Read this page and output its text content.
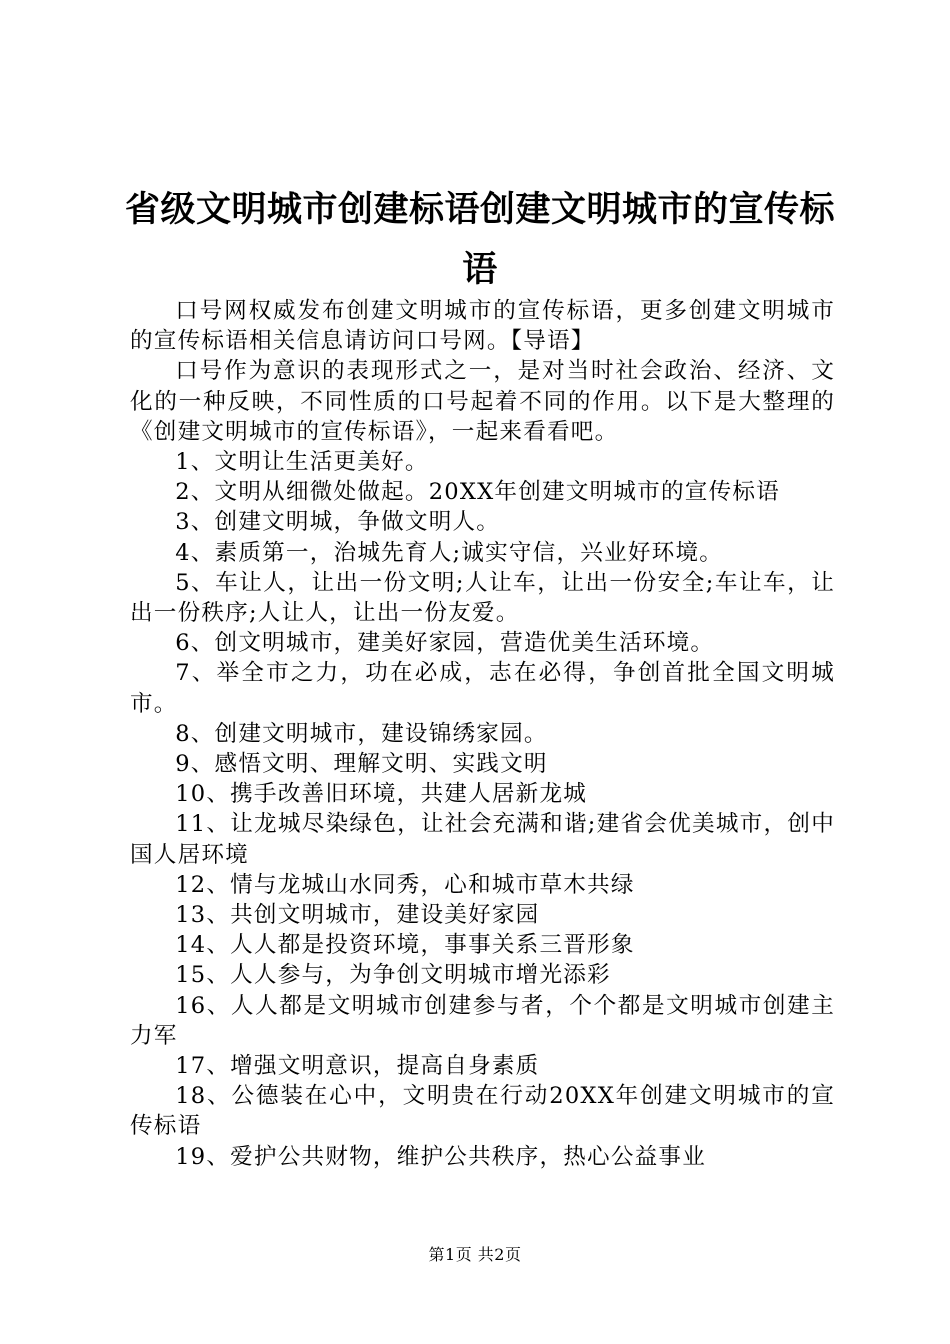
省级文明城市创建标语创建文明城市的宣传标语

口号网权威发布创建文明城市的宣传标语，更多创建文明城市的宣传标语相关信息请访问口号网。【导语】

口号作为意识的表现形式之一，是对当时社会政治、经济、文化的一种反映，不同性质的口号起着不同的作用。以下是大整理的《创建文明城市的宣传标语》，一起来看看吧。

1、文明让生活更美好。

2、文明从细微处做起。20XX年创建文明城市的宣传标语

3、创建文明城，争做文明人。

4、素质第一，治城先育人;诚实守信，兴业好环境。

5、车让人，让出一份文明;人让车，让出一份安全;车让车，让出一份秩序;人让人，让出一份友爱。

6、创文明城市，建美好家园，营造优美生活环境。

7、举全市之力，功在必成，志在必得，争创首批全国文明城市。

8、创建文明城市，建设锦绣家园。

9、感悟文明、理解文明、实践文明

10、携手改善旧环境，共建人居新龙城

11、让龙城尽染绿色，让社会充满和谐;建省会优美城市，创中国人居环境

12、情与龙城山水同秀，心和城市草木共绿

13、共创文明城市，建设美好家园

14、人人都是投资环境，事事关系三晋形象

15、人人参与，为争创文明城市增光添彩

16、人人都是文明城市创建参与者，个个都是文明城市创建主力军

17、增强文明意识，提高自身素质

18、公德装在心中，文明贵在行动20XX年创建文明城市的宣传标语

19、爱护公共财物，维护公共秩序，热心公益事业

第1页 共2页
